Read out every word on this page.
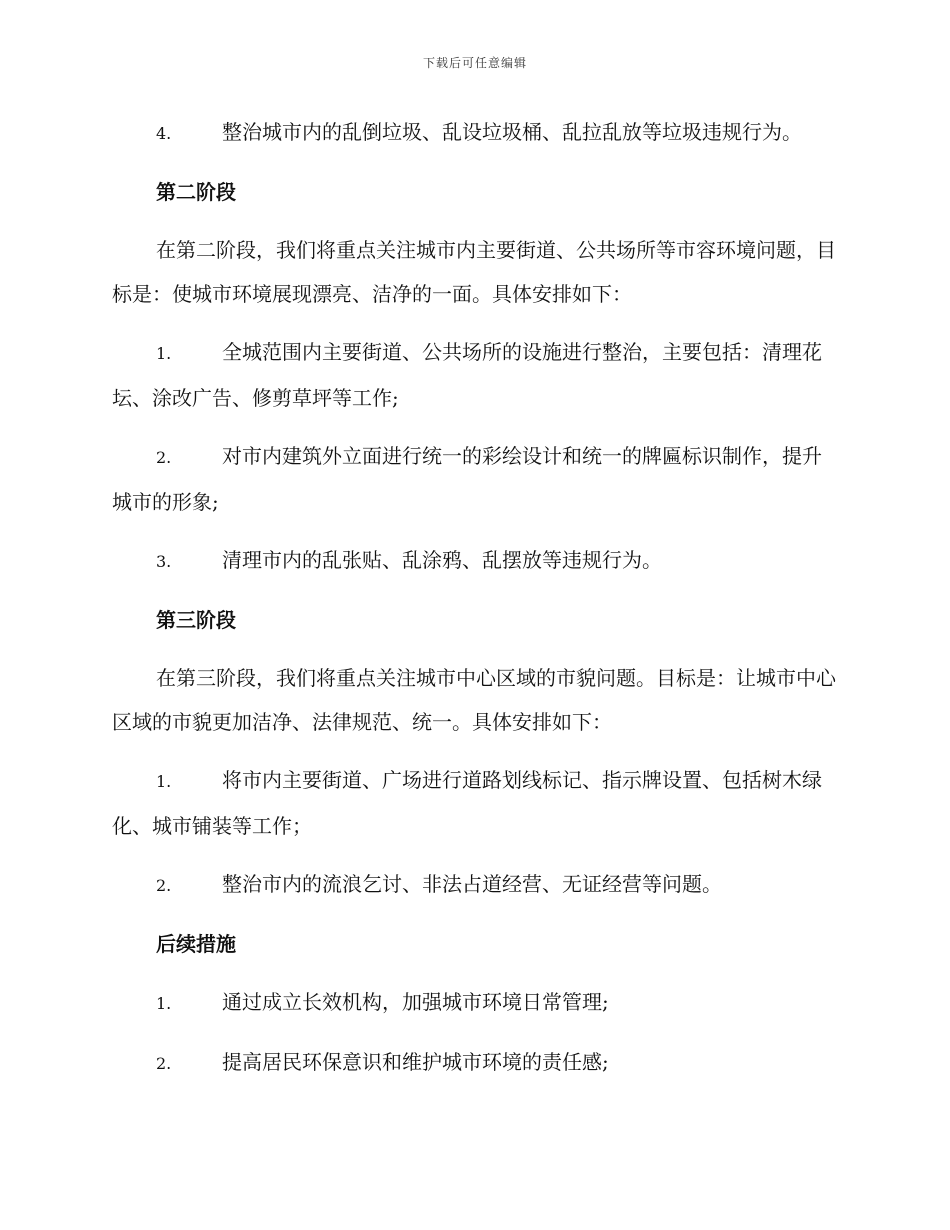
下载后可任意编辑

4.	整治城市内的乱倒垃圾、乱设垃圾桶、乱拉乱放等垃圾违规行为。

第二阶段

在第二阶段，我们将重点关注城市内主要街道、公共场所等市容环境问题，目标是：使城市环境展现漂亮、洁净的一面。具体安排如下：

1.	全城范围内主要街道、公共场所的设施进行整治，主要包括：清理花坛、涂改广告、修剪草坪等工作;

2.	对市内建筑外立面进行统一的彩绘设计和统一的牌匾标识制作，提升城市的形象;

3.	清理市内的乱张贴、乱涂鸦、乱摆放等违规行为。

第三阶段

在第三阶段，我们将重点关注城市中心区域的市貌问题。目标是：让城市中心区域的市貌更加洁净、法律规范、统一。具体安排如下：

1.	将市内主要街道、广场进行道路划线标记、指示牌设置、包括树木绿化、城市铺装等工作；

2.	整治市内的流浪乞讨、非法占道经营、无证经营等问题。

后续措施

1.	通过成立长效机构，加强城市环境日常管理;

2.	提高居民环保意识和维护城市环境的责任感;
